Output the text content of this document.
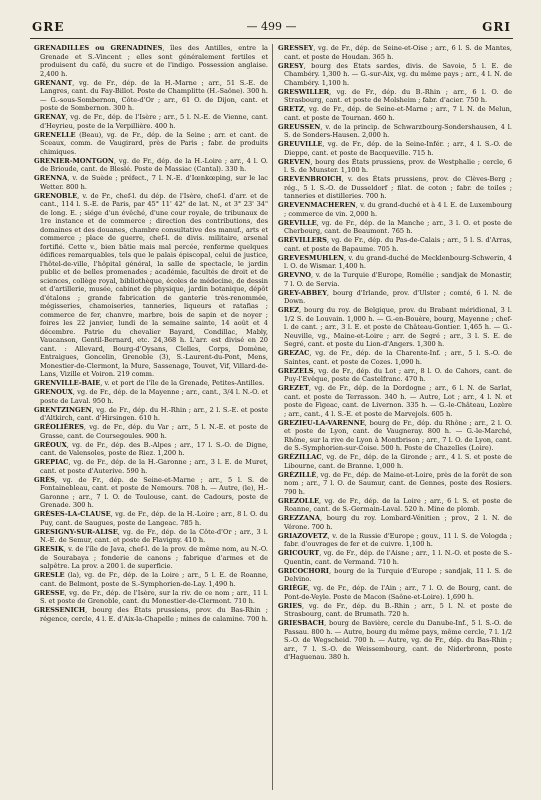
GRE	— 499 —	GRI

GRENADILLES ou GRENADINES, îles des Antilles, entre la Grenade et S.-Vincent ; elles sont généralement fertiles et produisent du café, du sucre et de l'indigo. Possession anglaise. 2,400 h.

GRENANT, vg. de Fr., dép. de la H.-Marne ; arr., 51 S.-E. de Langres, cant. du Fay-Billot. Poste de Champlitte (H.-Saône). 300 h. — G.-sous-Sombernon, Côte-d'Or ; arr., 61 O. de Dijon, cant. et poste de Sombernon. 300 h.

GRENAY, vg. de Fr., dép. de l'Isère ; arr., 5 l. N.-E. de Vienne, cant. d'Heyrieu, poste de la Verpillière. 400 h.

GRENELLE (Beau), vg. de Fr., dép. de la Seine ; arr. et cant. de Sceaux, comm. de Vaugirard, près de Paris ; fabr. de produits chimiques.

GRENIER-MONTGON, vg. de Fr., dép. de la H.-Loire ; arr., 4 l. O. de Brioude, cant. de Bleslé. Poste de Massiac (Cantal). 330 h.

GRENNA, v. de Suède ; préfect., 7 l. N.-E. d'Iœnkœping, sur le lac Wetter. 800 h.

GRENOBLE, v. de Fr., chef-l. du dép. de l'Isère, chef-l. d'arr. et de cant., 114 l. S.-E. de Paris, par 45° 11' 42" de lat. N., et 3° 23' 34" de long. E. ; siége d'un évêché, d'une cour royale, de tribunaux de 1re instance et de commerce ; direction des contributions, des domaines et des douanes, chambre consultative des manuf., arts et commerce ; place de guerre, chef-l. de divis. militaire, arsenal fortifié. Cette v., bien bâtie mais mal percée, renferme quelques édifices remarquables, tels que le palais épiscopal, celui de justice, l'hôtel-de-ville, l'hôpital général, la salle de spectacle, le jardin public et de belles promenades ; académie, facultés de droit et de sciences, collège royal, bibliothèque, écoles de médecine, de dessin et d'artillerie, musée, cabinet de physique, jardin botanique, dépôt d'étalons ; grande fabrication de ganterie très-renommée, mégisseries, chamoiseries, tanneries, liqueurs et ratafias ; commerce de fer, chanvre, marbre, bois de sapin et de noyer ; foires les 22 janvier, lundi de la semaine sainte, 14 août et 4 décembre. Patrie du chevalier Bayard, Condillac, Mably, Vaucanson, Gentil-Bernard, etc. 24,368 h. L'arr. est divisé en 20 cant. : Allevard, Bourg-d'Oysans, Clelles, Corps, Domène, Entraigues, Goncelin, Grenoble (3), S.-Laurent-du-Pont, Mens, Monestier-de-Clermont, la Mure, Sassenage, Touvet, Vif, Villard-de-Lans, Vizille et Voiron. 219 comm.

GRENVILLE-BAIE, v. et port de l'île de la Grenade, Petites-Antilles.

GRENOUX, vg. de Fr., dép. de la Mayenne ; arr., cant., 3/4 l. N.-O. et poste de Laval. 950 h.

GRENTZINGEN, vg. de Fr., dép. du H.-Rhin ; arr., 2 l. S.-E. et poste d'Altkirch, cant. d'Hirsingen. 610 h.

GRÉOLIÈRES, vg. de Fr., dép. du Var ; arr., 5 l. N.-E. et poste de Grasse, cant. de Coursegoules. 900 h.

GRÉOUX, vg. de Fr., dép. des B.-Alpes ; arr., 17 l. S.-O. de Digne, cant. de Valensoles, poste de Riez. 1,200 h.

GREPIAC, vg. de Fr., dép. de la H.-Garonne ; arr., 3 l. E. de Muret, cant. et poste d'Auterive. 590 h.

GRÈS, vg. de Fr., dép. de Seine-et-Marne ; arr., 5 l. S. de Fontainebleau, cant. et poste de Nemours. 708 h. — Autre, (le), H.-Garonne ; arr., 7 l. O. de Toulouse, cant. de Cadours, poste de Grenade. 300 h.

GRÈSES-LA-CLAUSE, vg. de Fr., dép. de la H.-Loire ; arr., 8 l. O. du Puy, cant. de Saugues, poste de Langeac. 785 h.

GRESIGNY-SUR-ALISE, vg. de Fr., dép. de la Côte-d'Or ; arr., 3 l. N.-E. de Semur, cant. et poste de Flavigny. 410 h.

GRESIK, v. de l'île de Java, chef-l. de la prov. de même nom, au N.-O. de Sourabaya ; fonderie de canons ; fabrique d'armes et de salpêtre. La prov. a 200 l. de superficie.

GRESLE (la), vg. de Fr., dép. de la Loire ; arr., 5 l. E. de Roanne, cant. de Belmont, poste de S.-Symphorien-de-Lay. 1,490 h.

GRESSE, vg. de Fr., dép. de l'Isère, sur la riv. de ce nom ; arr., 11 l. S. et poste de Grenoble, cant. du Monestier-de-Clermont. 710 h.

GRESSENICH, bourg des États prussiens, prov. du Bas-Rhin ; régence, cercle, 4 l. E. d'Aix-la-Chapelle ; mines de calamine. 700 h.

GRESSEY, vg. de Fr., dép. de Seine-et-Oise ; arr., 6 l. S. de Mantes, cant. et poste de Houdan. 365 h.

GRESY, bourg des États sardes, divis. de Savoie, 5 l. E. de Chambéry. 1,300 h. — G.-sur-Aix, vg. du même pays ; arr., 4 l. N. de Chambéry. 1,100 h.

GRESWILLER, vg. de Fr., dép. du B.-Rhin ; arr., 6 l. O. de Strasbourg, cant. et poste de Molsheim ; fabr. d'acier. 750 h.

GRETZ, vg. de Fr., dép. de Seine-et-Marne ; arr., 7 l. N. de Melun, cant. et poste de Tournan. 460 h.

GREUSSEN, v. de la princip. de Schwarzbourg-Sondershausen, 4 l. S. de Sonders-Hausen. 2,000 h.

GREUVILLE, vg. de Fr., dép. de la Seine-Infér. ; arr., 4 l. S.-O. de Dieppe, cant. et poste de Bacqueville. 715 h.

GREVEN, bourg des États prussiens, prov. de Westphalie ; cercle, 6 l. S. de Munster. 1,100 h.

GREVENBROICH, v. des États prussiens, prov. de Clèves-Berg ; rég., 5 l. S.-O. de Dusseldorf ; filat. de coton ; fabr. de toiles ; tanneries et distilleries. 700 h.

GREVENMACHEREN, v. du grand-duché et à 4 l. E. de Luxembourg ; commerce de vin. 2,000 h.

GREVILLE, vg. de Fr., dép. de la Manche ; arr., 3 l. O. et poste de Cherbourg, cant. de Beaumont. 765 h.

GRÉVILLERS, vg. de Fr., dép. du Pas-de-Calais ; arr., 5 l. S. d'Arras, cant. et poste de Bapaume. 705 h.

GREVESMUHLEN, v. du grand-duché de Mecklenbourg-Schwerin, 4 l. O. de Wismar. 1,400 h.

GREVNO, v. de la Turquie d'Europe, Romélie ; sandjak de Monastir, 7 l. O. de Servia.

GREY-ABBEY, bourg d'Irlande, prov. d'Ulster ; comté, 6 l. N. de Down.

GREZ, bourg du roy. de Belgique, prov. du Brabant méridional, 3 l. 1/2 S. de Louvain. 1,000 h. — G.-en-Bouère, bourg, Mayenne ; chef-l. de cant. ; arr., 3 l. E. et poste de Château-Gontier. 1,465 h. — G.-Neuville, vg., Maine-et-Loire ; arr. de Segré ; arr., 3 l. S. E. de Segré, cant. et poste du Lion-d'Angers. 1,300 h.

GREZAC, vg. de Fr., dép. de la Charente-Inf. ; arr., 5 l. S.-O. de Saintes, cant. et poste de Cozes. 1,090 h.

GREZELS, vg. de Fr., dép. du Lot ; arr., 8 l. O. de Cahors, cant. de Puy-l'Evêque, poste de Castelfranc. 470 h.

GREZET, vg. de Fr., dép. de la Dordogne ; arr., 6 l. N. de Sarlat, cant. et poste de Terrasson. 340 h. — Autre, Lot ; arr., 4 l. N. et poste de Figeac, cant. de Livernon. 335 h. — G.-le-Château, Lozère ; arr., cant., 4 l. S.-E. et poste de Marvejols. 605 h.

GREZIEU-LA-VARENNE, bourg de Fr., dép. du Rhône ; arr., 2 l. O. et poste de Lyon, cant. de Vaugneray. 800 h. — G.-le-Marché, Rhône, sur la rive de Lyon à Montbrison ; arr., 7 l. O. de Lyon, cant. de S.-Symphorien-sur-Coise. 500 h. Poste de Chazelles (Loire).

GRÉZILLAC, vg. de Fr., dép. de la Gironde ; arr., 4 l. S. et poste de Libourne, cant. de Branne. 1,000 h.

GRÉZILLÉ, vg. de Fr., dép. de Maine-et-Loire, près de la forêt de son nom ; arr., 7 l. O. de Saumur, cant. de Gennes, poste des Rosiers. 790 h.

GREZOLLE, vg. de Fr., dép. de la Loire ; arr., 6 l. S. et poste de Roanne, cant. de S.-Germain-Laval. 520 h. Mine de plomb.

GREZZANA, bourg du roy. Lombard-Vénitien ; prov., 2 l. N. de Vérone. 700 h.

GRIAZOVETZ, v. de la Russie d'Europe ; gouv., 11 l. S. de Vologda ; fabr. d'ouvrages de fer et de cuivre. 1,100 h.

GRICOURT, vg. de Fr., dép. de l'Aisne ; arr., 1 l. N.-O. et poste de S.-Quentin, cant. de Vermand. 710 h.

GRICOCHORI, bourg de la Turquie d'Europe ; sandjak, 11 l. S. de Delvino.

GRIÈGE, vg. de Fr., dép. de l'Ain ; arr., 7 l. O. de Bourg, cant. de Pont-de-Veyle. Poste de Macon (Saône-et-Loire). 1,690 h.

GRIES, vg. de Fr., dép. du B.-Rhin ; arr., 5 l. N. et poste de Strasbourg, cant. de Brumath. 720 h.

GRIESBACH, bourg de Bavière, cercle du Danube-Inf., 5 l. S.-O. de Passau. 800 h. — Autre, bourg du même pays, même cercle, 7 l. 1/2 S.-O. de Wegscheid. 700 h. — Autre, vg. de Fr., dép. du Bas-Rhin ; arr., 7 l. S.-O. de Weissembourg, cant. de Niderbronn, poste d'Haguenau. 380 h.
